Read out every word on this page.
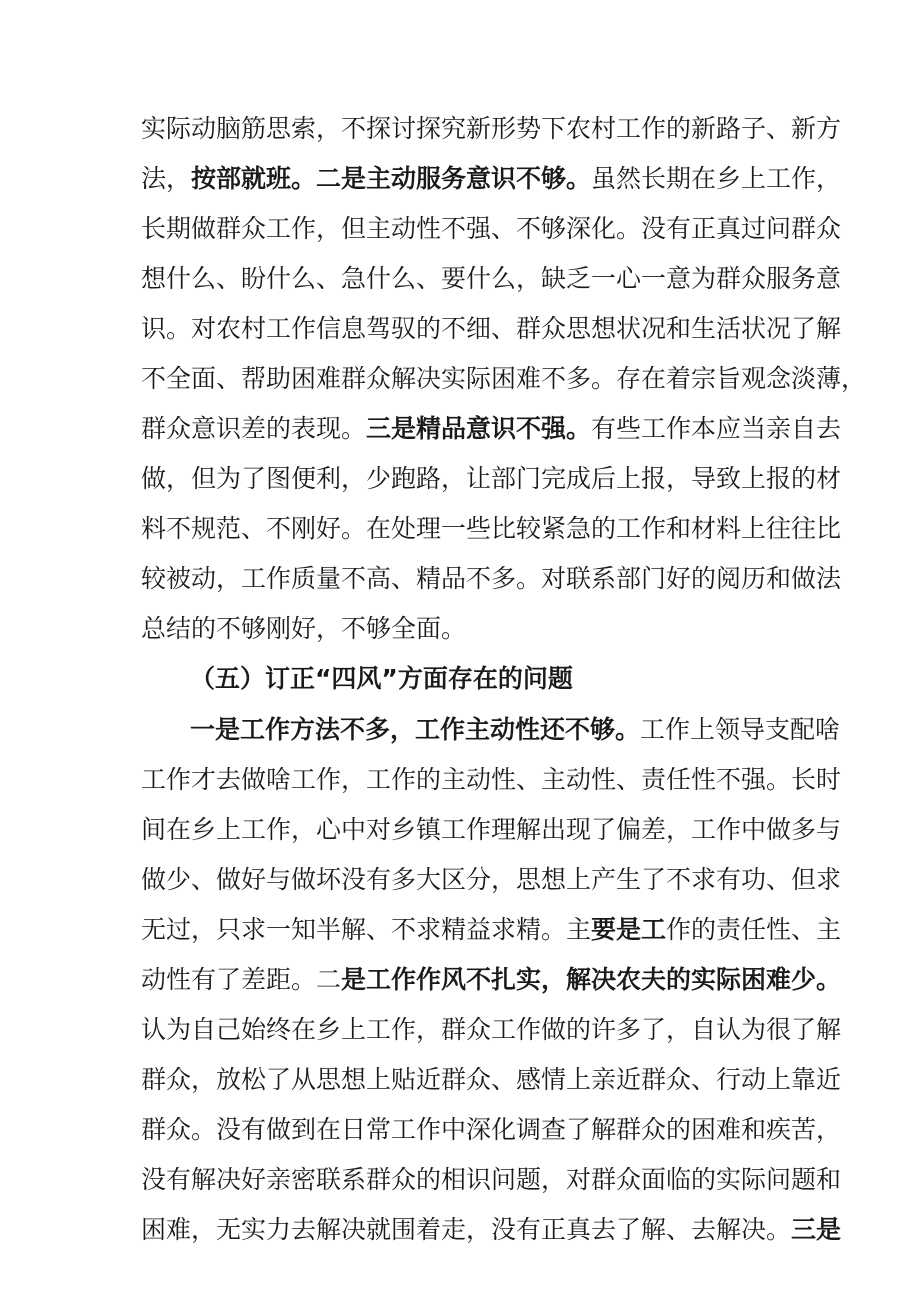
实际动脑筋思索，不探讨探究新形势下农村工作的新路子、新方
法，按部就班。二是主动服务意识不够。虽然长期在乡上工作，
长期做群众工作，但主动性不强、不够深化。没有正真过问群众
想什么、盼什么、急什么、要什么，缺乏一心一意为群众服务意
识。对农村工作信息驾驭的不细、群众思想状况和生活状况了解
不全面、帮助困难群众解决实际困难不多。存在着宗旨观念淡薄，
群众意识差的表现。三是精品意识不强。有些工作本应当亲自去
做，但为了图便利，少跑路，让部门完成后上报，导致上报的材
料不规范、不刚好。在处理一些比较紧急的工作和材料上往往比
较被动，工作质量不高、精品不多。对联系部门好的阅历和做法
总结的不够刚好，不够全面。
（五）订正“四风”方面存在的问题
一是工作方法不多，工作主动性还不够。工作上领导支配啥
工作才去做啥工作，工作的主动性、主动性、责任性不强。长时
间在乡上工作，心中对乡镇工作理解出现了偏差，工作中做多与
做少、做好与做坏没有多大区分，思想上产生了不求有功、但求
无过，只求一知半解、不求精益求精。主要是工作的责任性、主
动性有了差距。二是工作作风不扎实，解决农夫的实际困难少。
认为自己始终在乡上工作，群众工作做的许多了，自认为很了解
群众，放松了从思想上贴近群众、感情上亲近群众、行动上靠近
群众。没有做到在日常工作中深化调查了解群众的困难和疾苦，
没有解决好亲密联系群众的相识问题，对群众面临的实际问题和
困难，无实力去解决就围着走，没有正真去了解、去解决。三是
